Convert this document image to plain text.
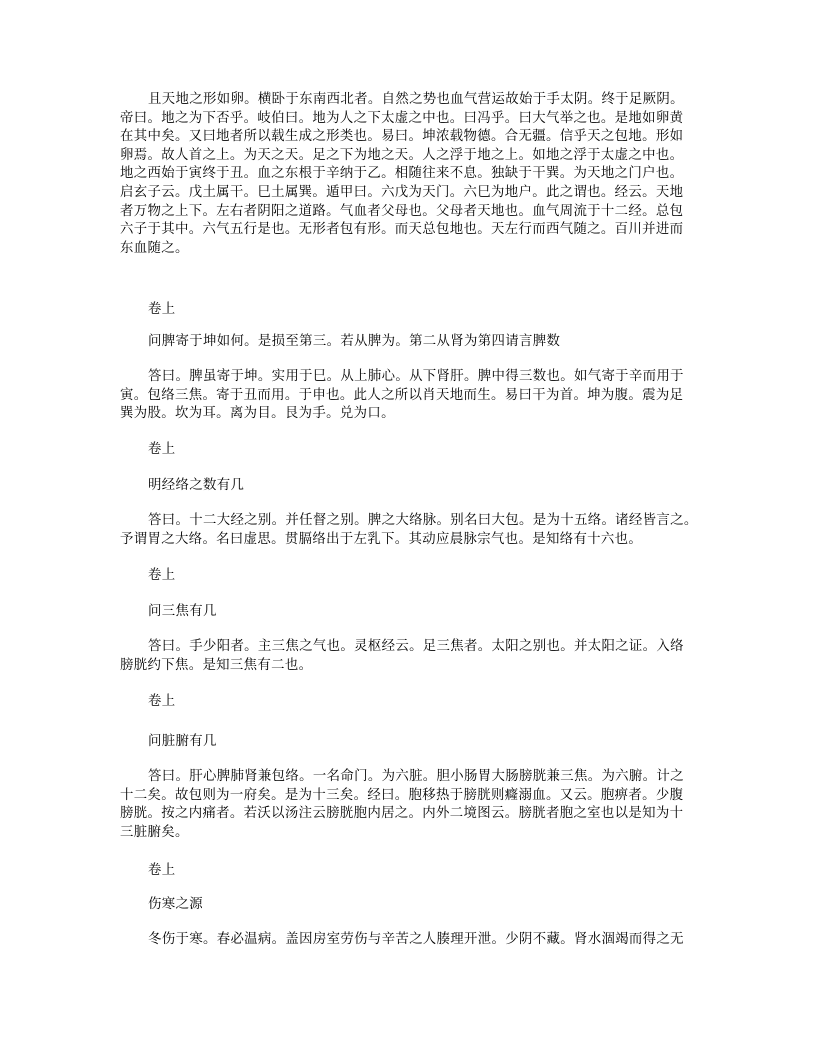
且天地之形如卵。横卧于东南西北者。自然之势也血气营运故始于手太阴。终于足厥阴。
帝曰。地之为下否乎。岐伯曰。地为人之下太虚之中也。曰冯乎。曰大气举之也。是地如卵黄
在其中矣。又曰地者所以载生成之形类也。易曰。坤浓载物德。合无疆。信乎天之包地。形如
卵焉。故人首之上。为天之天。足之下为地之天。人之浮于地之上。如地之浮于太虚之中也。
地之西始于寅终于丑。血之东根于辛纳于乙。相随往来不息。独缺于干巽。为天地之门户也。
启玄子云。戊土属干。巳土属巽。遁甲曰。六戊为天门。六巳为地户。此之谓也。经云。天地
者万物之上下。左右者阴阳之道路。气血者父母也。父母者天地也。血气周流于十二经。总包
六子于其中。六气五行是也。无形者包有形。而天总包地也。天左行而西气随之。百川并进而
东血随之。
卷上
问脾寄于坤如何。是损至第三。若从脾为。第二从肾为第四请言脾数
答曰。脾虽寄于坤。实用于巳。从上肺心。从下肾肝。脾中得三数也。如气寄于辛而用于
寅。包络三焦。寄于丑而用。于申也。此人之所以肖天地而生。易曰干为首。坤为腹。震为足
巽为股。坎为耳。离为目。艮为手。兑为口。
卷上
明经络之数有几
答曰。十二大经之别。并任督之别。脾之大络脉。别名曰大包。是为十五络。诸经皆言之。
予谓胃之大络。名曰虚思。贯膈络出于左乳下。其动应晨脉宗气也。是知络有十六也。
卷上
问三焦有几
答曰。手少阳者。主三焦之气也。灵枢经云。足三焦者。太阳之别也。并太阳之证。入络
膀胱约下焦。是知三焦有二也。
卷上
问脏腑有几
答曰。肝心脾肺肾兼包络。一名命门。为六脏。胆小肠胃大肠膀胱兼三焦。为六腑。计之
十二矣。故包则为一府矣。是为十三矣。经曰。胞移热于膀胱则癃溺血。又云。胞痹者。少腹
膀胱。按之内痛者。若沃以汤注云膀胱胞内居之。内外二境图云。膀胱者胞之室也以是知为十
三脏腑矣。
卷上
伤寒之源
冬伤于寒。春必温病。盖因房室劳伤与辛苦之人腠理开泄。少阴不藏。肾水涸竭而得之无
